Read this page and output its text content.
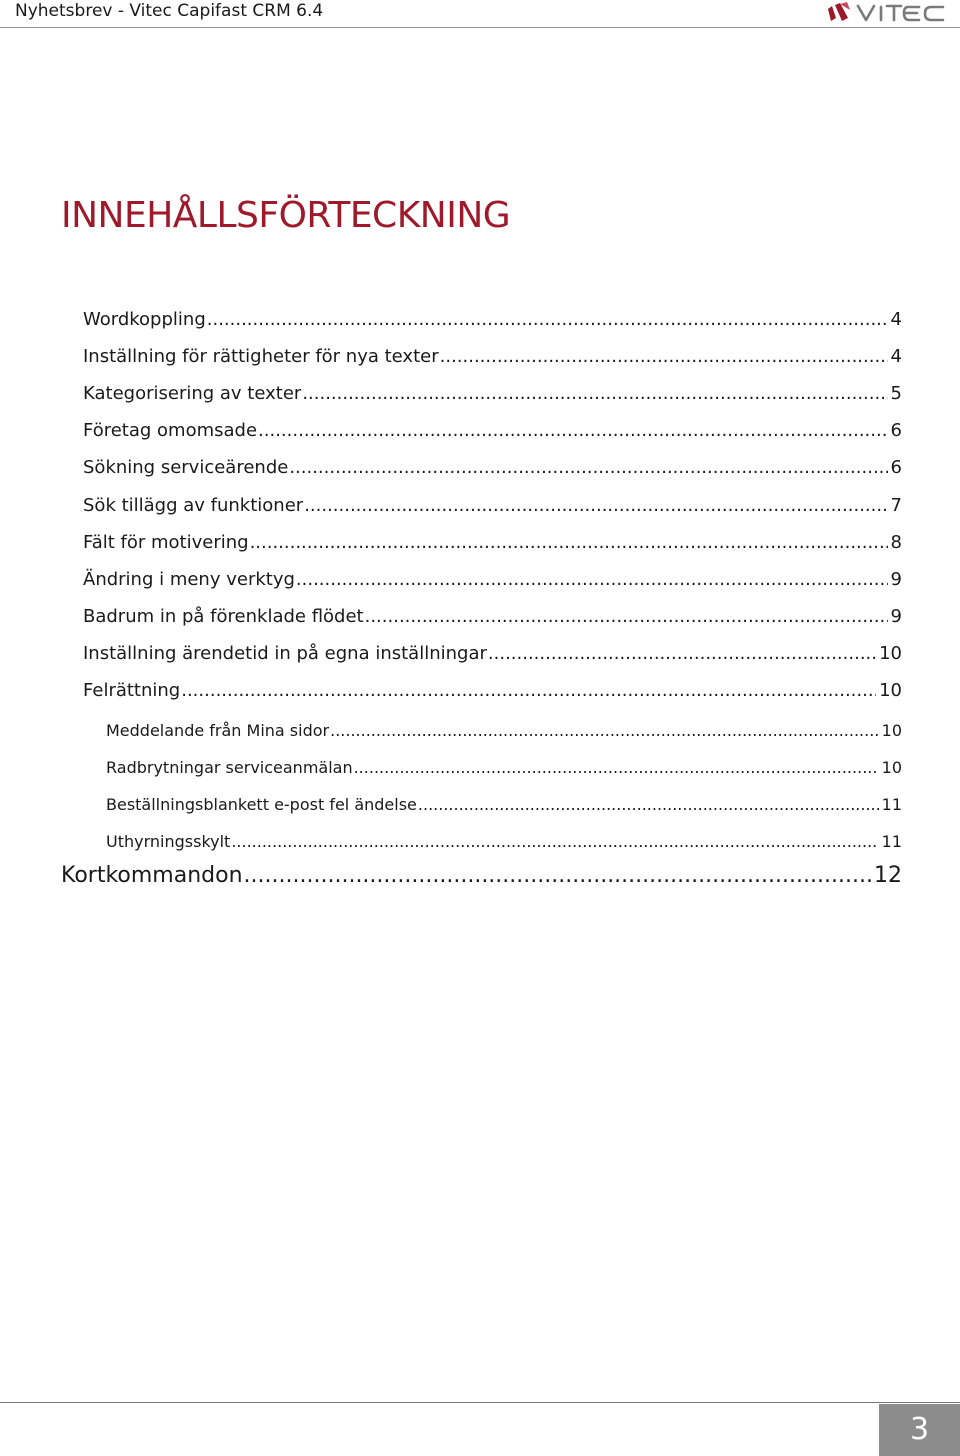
Nyhetsbrev - Vitec Capifast CRM 6.4
INNEHÅLLSFÖRTECKNING
Wordkoppling .....	4
Inställning för rättigheter för nya texter .....	4
Kategorisering av texter .....	5
Företag omomsade .....	6
Sökning serviceärende .....	6
Sök tillägg av funktioner .....	7
Fält för motivering .....	8
Ändring i meny verktyg .....	9
Badrum in på förenklade flödet .....	9
Inställning ärendetid in på egna inställningar .....	10
Felrättning .....	10
Meddelande från Mina sidor .....	10
Radbrytningar serviceanmälan .....	10
Beställningsblankett e-post fel ändelse .....	11
Uthyrningsskylt .....	11
Kortkommandon .....	12
3
